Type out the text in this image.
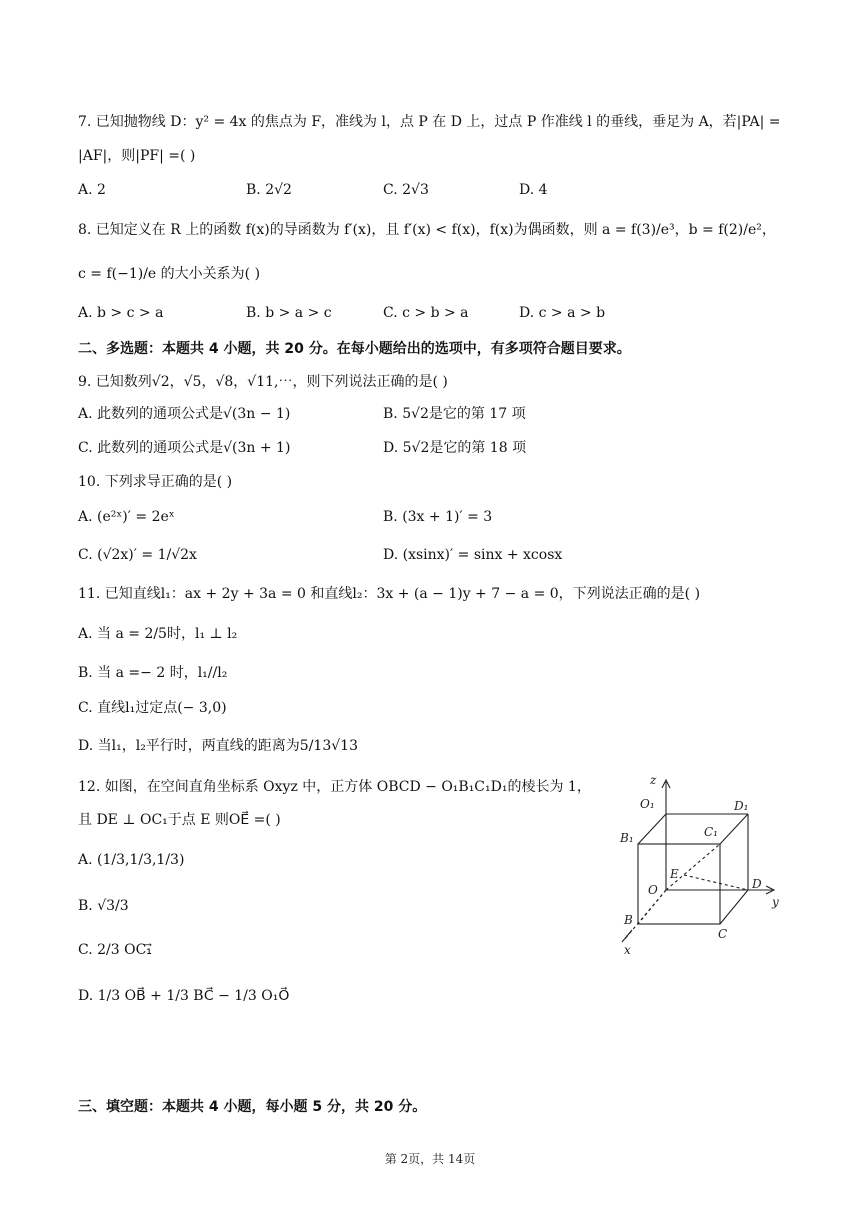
7. 已知抛物线 D：y² = 4x 的焦点为 F，准线为 l，点 P 在 D 上，过点 P 作准线 l 的垂线，垂足为 A，若|PA| =
|AF|，则|PF| =( )
A. 2	B. 2√2	C. 2√3	D. 4
8. 已知定义在 R 上的函数 f(x)的导函数为 f′(x)，且 f′(x) < f(x)，f(x)为偶函数，则 a = f(3)/e³，b = f(2)/e²，
c = f(−1)/e 的大小关系为( )
A. b > c > a	B. b > a > c	C. c > b > a	D. c > a > b
二、多选题：本题共 4 小题，共 20 分。在每小题给出的选项中，有多项符合题目要求。
9. 已知数列√2，√5，√8，√11,⋯，则下列说法正确的是( )
A. 此数列的通项公式是√(3n − 1)	B. 5√2是它的第 17 项
C. 此数列的通项公式是√(3n + 1)	D. 5√2是它的第 18 项
10. 下列求导正确的是( )
A. (e²ˣ)′ = 2eˣ	B. (3x + 1)′ = 3
C. (√2x)′ = 1/√2x	D. (xsinx)′ = sinx + xcosx
11. 已知直线l₁：ax + 2y + 3a = 0 和直线l₂：3x + (a − 1)y + 7 − a = 0，下列说法正确的是( )
A. 当 a = 2/5时，l₁ ⊥ l₂
B. 当 a =− 2 时，l₁//l₂
C. 直线l₁过定点(− 3,0)
D. 当l₁，l₂平行时，两直线的距离为5/13√13
12. 如图，在空间直角坐标系 Oxyz 中，正方体 OBCD − O₁B₁C₁D₁的棱长为 1，
且 DE ⊥ OC₁于点 E 则OE⃗ =( )
A. (1/3,1/3,1/3)
B. √3/3
C. 2/3 OC₁⃗
D. 1/3 OB⃗ + 1/3 BC⃗ − 1/3 O₁O⃗
z
O₁	D₁
B₁	C₁
E
O	D
y
B
C
x
三、填空题：本题共 4 小题，每小题 5 分，共 20 分。
第 2页，共 14页
